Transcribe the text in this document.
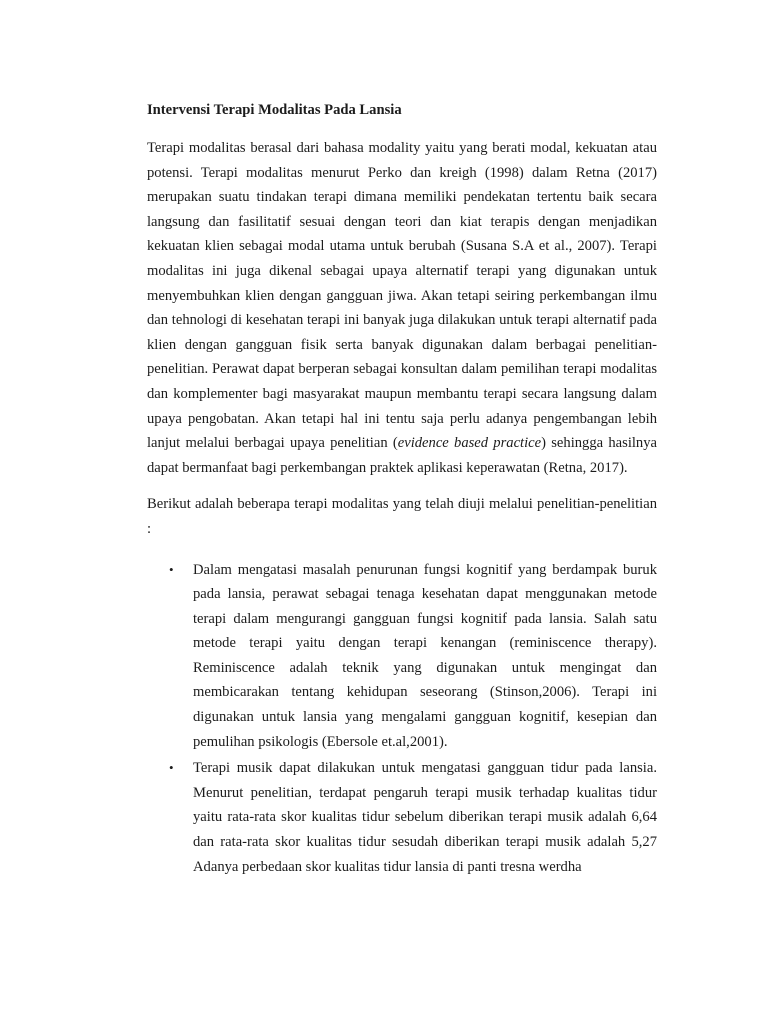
Intervensi Terapi Modalitas Pada Lansia

Terapi modalitas berasal dari bahasa modality yaitu yang berati modal, kekuatan atau potensi. Terapi modalitas menurut Perko dan kreigh (1998) dalam Retna (2017) merupakan suatu tindakan terapi dimana memiliki pendekatan tertentu baik secara langsung dan fasilitatif sesuai dengan teori dan kiat terapis dengan menjadikan kekuatan klien sebagai modal utama untuk berubah (Susana S.A et al., 2007). Terapi modalitas ini juga dikenal sebagai upaya alternatif terapi yang digunakan untuk menyembuhkan klien dengan gangguan jiwa. Akan tetapi seiring perkembangan ilmu dan tehnologi di kesehatan terapi ini banyak juga dilakukan untuk terapi alternatif pada klien dengan gangguan fisik serta banyak digunakan dalam berbagai penelitian-penelitian. Perawat dapat berperan sebagai konsultan dalam pemilihan terapi modalitas dan komplementer bagi masyarakat maupun membantu terapi secara langsung dalam upaya pengobatan. Akan tetapi hal ini tentu saja perlu adanya pengembangan lebih lanjut melalui berbagai upaya penelitian (evidence based practice) sehingga hasilnya dapat bermanfaat bagi perkembangan praktek aplikasi keperawatan (Retna, 2017).

Berikut adalah beberapa terapi modalitas yang telah diuji melalui penelitian-penelitian :

• Dalam mengatasi masalah penurunan fungsi kognitif yang berdampak buruk pada lansia, perawat sebagai tenaga kesehatan dapat menggunakan metode terapi dalam mengurangi gangguan fungsi kognitif pada lansia. Salah satu metode terapi yaitu dengan terapi kenangan (reminiscence therapy). Reminiscence adalah teknik yang digunakan untuk mengingat dan membicarakan tentang kehidupan seseorang (Stinson,2006). Terapi ini digunakan untuk lansia yang mengalami gangguan kognitif, kesepian dan pemulihan psikologis (Ebersole et.al,2001).
• Terapi musik dapat dilakukan untuk mengatasi gangguan tidur pada lansia. Menurut penelitian, terdapat pengaruh terapi musik terhadap kualitas tidur yaitu rata-rata skor kualitas tidur sebelum diberikan terapi musik adalah 6,64 dan rata-rata skor kualitas tidur sesudah diberikan terapi musik adalah 5,27 Adanya perbedaan skor kualitas tidur lansia di panti tresna werdha
